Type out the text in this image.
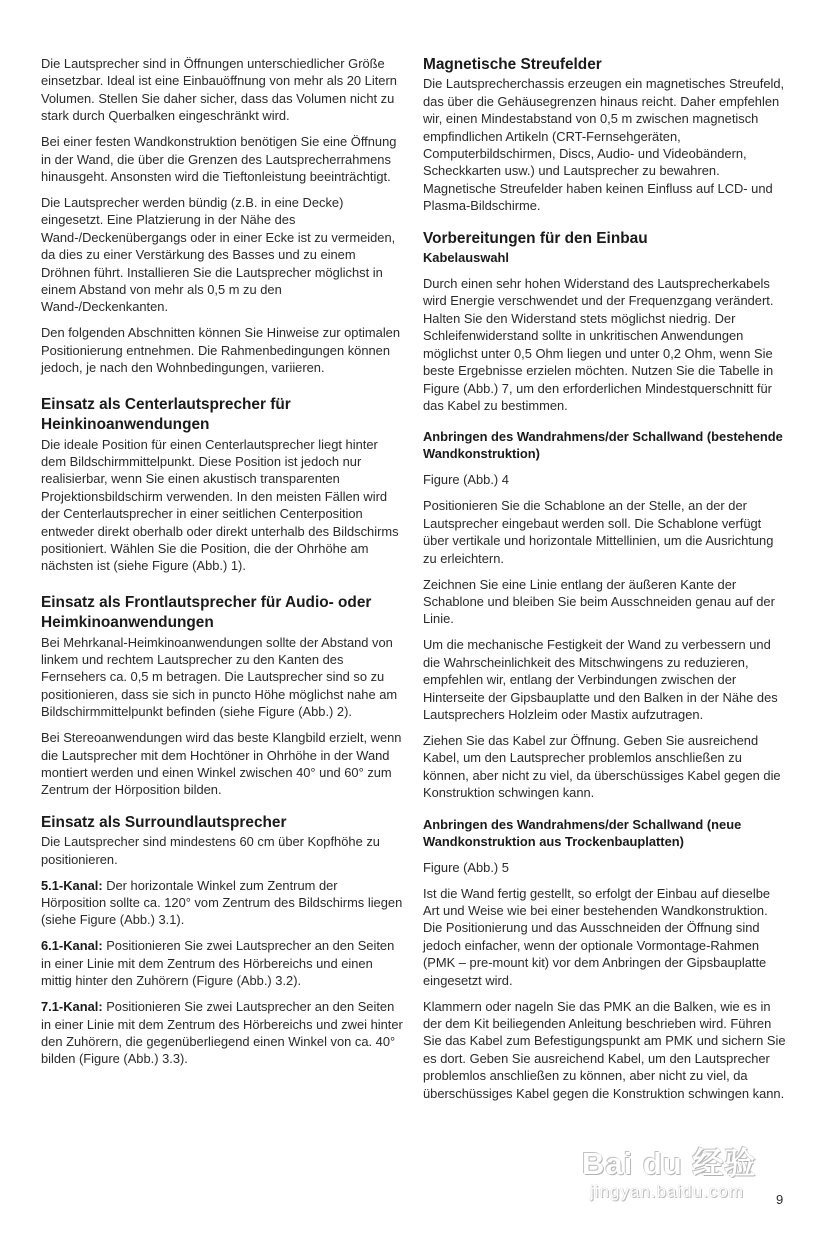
Die Lautsprecher sind in Öffnungen unterschiedlicher Größe einsetzbar. Ideal ist eine Einbauöffnung von mehr als 20 Litern Volumen. Stellen Sie daher sicher, dass das Volumen nicht zu stark durch Querbalken eingeschränkt wird.

Bei einer festen Wandkonstruktion benötigen Sie eine Öffnung in der Wand, die über die Grenzen des Lautsprecherrahmens hinausgeht. Ansonsten wird die Tieftonleistung beeinträchtigt.

Die Lautsprecher werden bündig (z.B. in eine Decke) eingesetzt. Eine Platzierung in der Nähe des Wand-/Deckenübergangs oder in einer Ecke ist zu vermeiden, da dies zu einer Verstärkung des Basses und zu einem Dröhnen führt. Installieren Sie die Lautsprecher möglichst in einem Abstand von mehr als 0,5 m zu den Wand-/Deckenkanten.

Den folgenden Abschnitten können Sie Hinweise zur optimalen Positionierung entnehmen. Die Rahmenbedingungen können jedoch, je nach den Wohnbedingungen, variieren.

Einsatz als Centerlautsprecher für Heinkinoanwendungen

Die ideale Position für einen Centerlautsprecher liegt hinter dem Bildschirmmittelpunkt. Diese Position ist jedoch nur realisierbar, wenn Sie einen akustisch transparenten Projektionsbildschirm verwenden. In den meisten Fällen wird der Centerlautsprecher in einer seitlichen Centerposition entweder direkt oberhalb oder direkt unterhalb des Bildschirms positioniert. Wählen Sie die Position, die der Ohrhöhe am nächsten ist (siehe Figure (Abb.) 1).

Einsatz als Frontlautsprecher für Audio- oder Heimkinoanwendungen

Bei Mehrkanal-Heimkinoanwendungen sollte der Abstand von linkem und rechtem Lautsprecher zu den Kanten des Fernsehers ca. 0,5 m betragen. Die Lautsprecher sind so zu positionieren, dass sie sich in puncto Höhe möglichst nahe am Bildschirmmittelpunkt befinden (siehe Figure (Abb.) 2).

Bei Stereoanwendungen wird das beste Klangbild erzielt, wenn die Lautsprecher mit dem Hochtöner in Ohrhöhe in der Wand montiert werden und einen Winkel zwischen 40° und 60° zum Zentrum der Hörposition bilden.

Einsatz als Surroundlautsprecher

Die Lautsprecher sind mindestens 60 cm über Kopfhöhe zu positionieren.

5.1-Kanal: Der horizontale Winkel zum Zentrum der Hörposition sollte ca. 120° vom Zentrum des Bildschirms liegen (siehe Figure (Abb.) 3.1).

6.1-Kanal: Positionieren Sie zwei Lautsprecher an den Seiten in einer Linie mit dem Zentrum des Hörbereichs und einen mittig hinter den Zuhörern (Figure (Abb.) 3.2).

7.1-Kanal: Positionieren Sie zwei Lautsprecher an den Seiten in einer Linie mit dem Zentrum des Hörbereichs und zwei hinter den Zuhörern, die gegenüberliegend einen Winkel von ca. 40° bilden (Figure (Abb.) 3.3).

Magnetische Streufelder

Die Lautsprecherchassis erzeugen ein magnetisches Streufeld, das über die Gehäusegrenzen hinaus reicht. Daher empfehlen wir, einen Mindestabstand von 0,5 m zwischen magnetisch empfindlichen Artikeln (CRT-Fernsehgeräten, Computerbildschirmen, Discs, Audio- und Videobändern, Scheckkarten usw.) und Lautsprecher zu bewahren. Magnetische Streufelder haben keinen Einfluss auf LCD- und Plasma-Bildschirme.

Vorbereitungen für den Einbau
Kabelauswahl

Durch einen sehr hohen Widerstand des Lautsprecherkabels wird Energie verschwendet und der Frequenzgang verändert. Halten Sie den Widerstand stets möglichst niedrig. Der Schleifenwiderstand sollte in unkritischen Anwendungen möglichst unter 0,5 Ohm liegen und unter 0,2 Ohm, wenn Sie beste Ergebnisse erzielen möchten. Nutzen Sie die Tabelle in Figure (Abb.) 7, um den erforderlichen Mindestquerschnitt für das Kabel zu bestimmen.

Anbringen des Wandrahmens/der Schallwand (bestehende Wandkonstruktion)

Figure (Abb.) 4

Positionieren Sie die Schablone an der Stelle, an der der Lautsprecher eingebaut werden soll. Die Schablone verfügt über vertikale und horizontale Mittellinien, um die Ausrichtung zu erleichtern.

Zeichnen Sie eine Linie entlang der äußeren Kante der Schablone und bleiben Sie beim Ausschneiden genau auf der Linie.

Um die mechanische Festigkeit der Wand zu verbessern und die Wahrscheinlichkeit des Mitschwingens zu reduzieren, empfehlen wir, entlang der Verbindungen zwischen der Hinterseite der Gipsbauplatte und den Balken in der Nähe des Lautsprechers Holzleim oder Mastix aufzutragen.

Ziehen Sie das Kabel zur Öffnung. Geben Sie ausreichend Kabel, um den Lautsprecher problemlos anschließen zu können, aber nicht zu viel, da überschüssiges Kabel gegen die Konstruktion schwingen kann.

Anbringen des Wandrahmens/der Schallwand (neue Wandkonstruktion aus Trockenbauplatten)

Figure (Abb.) 5

Ist die Wand fertig gestellt, so erfolgt der Einbau auf dieselbe Art und Weise wie bei einer bestehenden Wandkonstruktion. Die Positionierung und das Ausschneiden der Öffnung sind jedoch einfacher, wenn der optionale Vormontage-Rahmen (PMK – pre-mount kit) vor dem Anbringen der Gipsbauplatte eingesetzt wird.

Klammern oder nageln Sie das PMK an die Balken, wie es in der dem Kit beiliegenden Anleitung beschrieben wird. Führen Sie das Kabel zum Befestigungspunkt am PMK und sichern Sie es dort. Geben Sie ausreichend Kabel, um den Lautsprecher problemlos anschließen zu können, aber nicht zu viel, da überschüssiges Kabel gegen die Konstruktion schwingen kann.

Bai du 经验
jingyan.baidu.com 9
